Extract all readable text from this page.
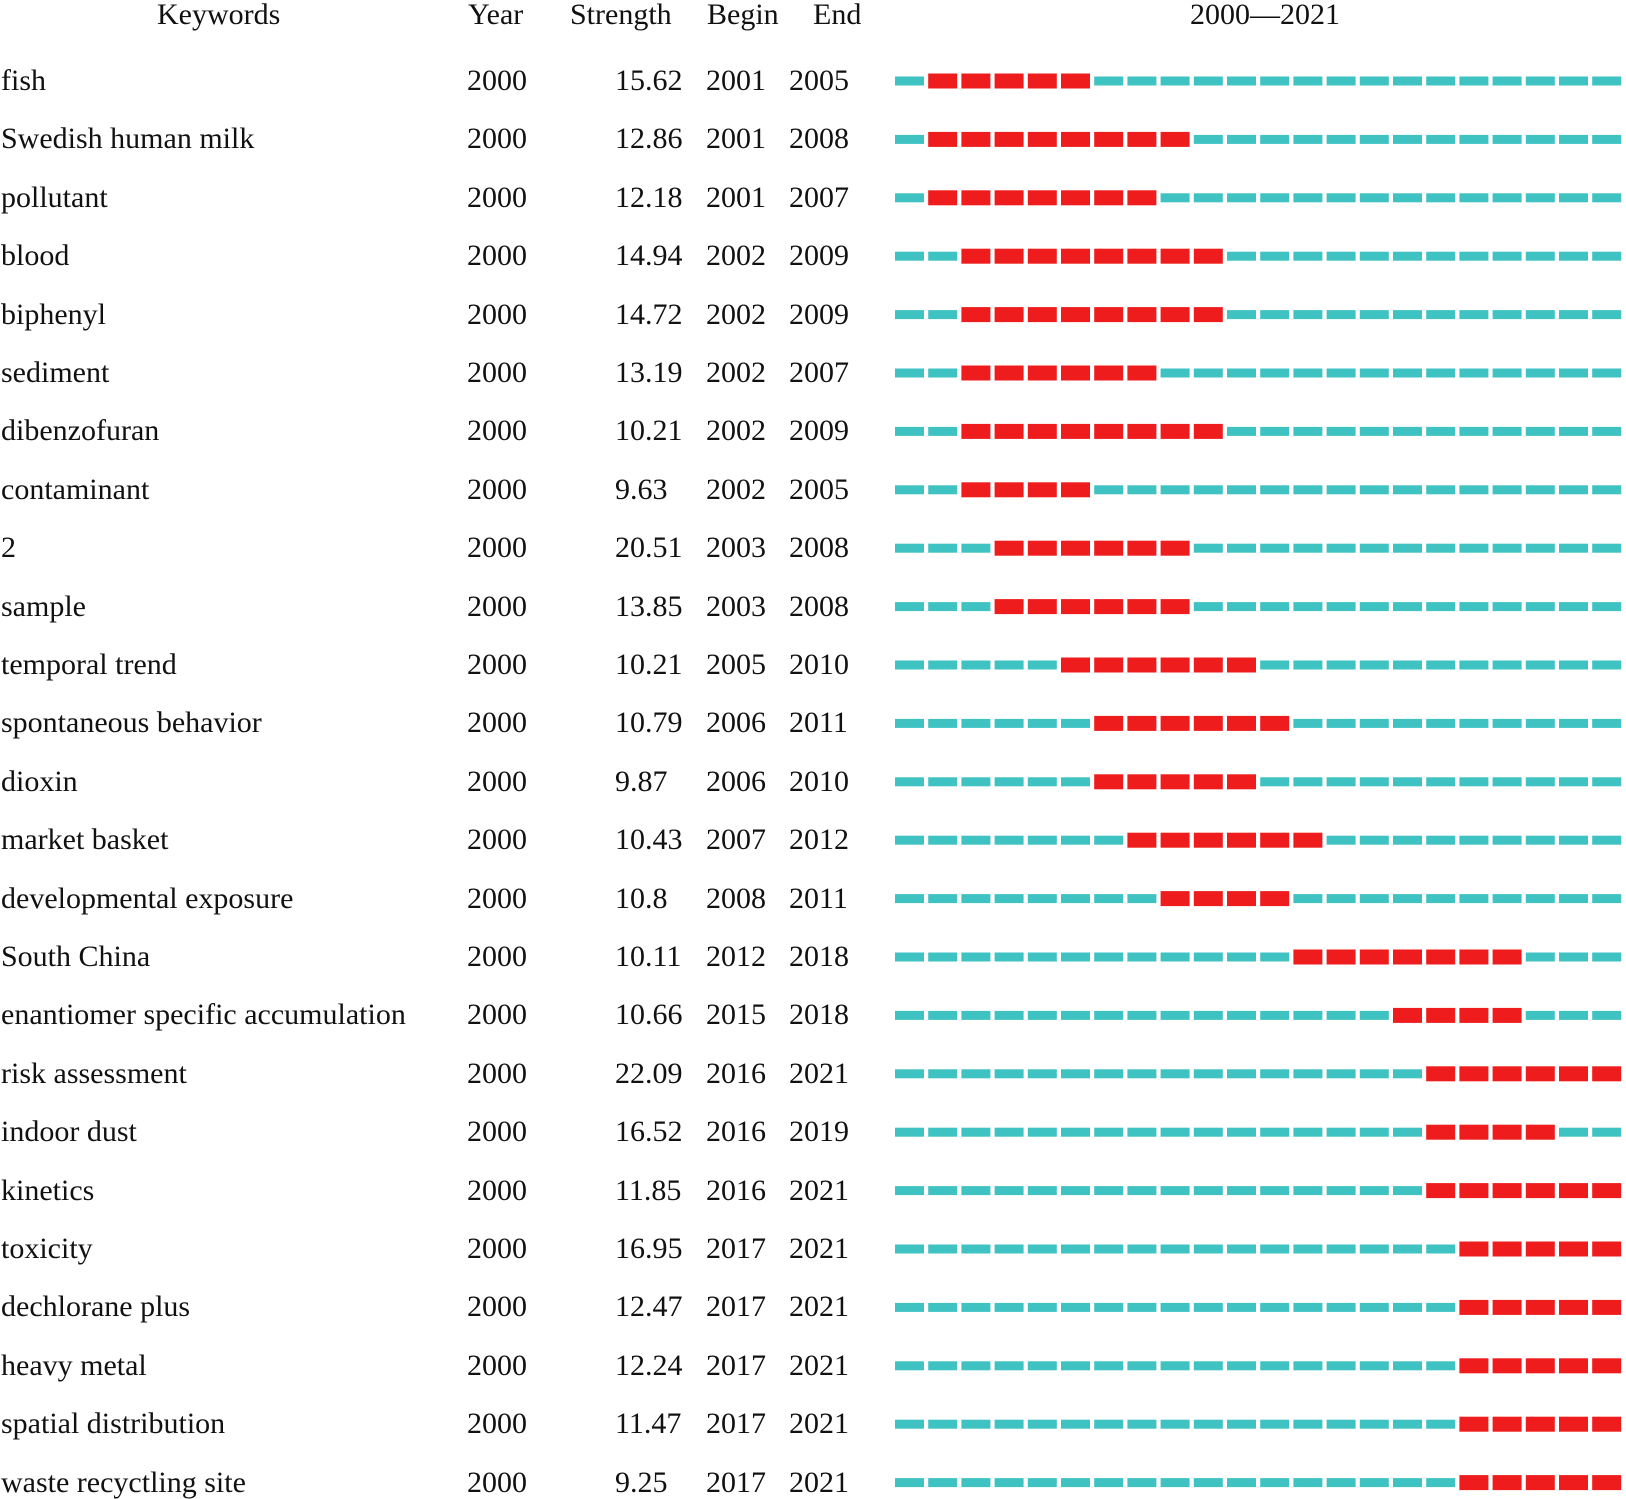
Keywords	Year Strength Begin End	2000—2021
fish	2000	15.62 2001 2005
Swedish human milk	2000	12.86 2001 2008
pollutant	2000	12.18 2001 2007
blood	2000	14.94 2002 2009
biphenyl	2000	14.72 2002 2009
sediment	2000	13.19 2002 2007
dibenzofuran	2000	10.21 2002 2009
contaminant	2000	9.63 2002 2005
2	2000	20.51 2003 2008
sample	2000	13.85 2003 2008
temporal trend	2000	10.21 2005 2010
spontaneous behavior	2000	10.79 2006 2011
dioxin	2000	9.87 2006 2010
market basket	2000	10.43 2007 2012
developmental exposure	2000	10.8 2008 2011
South China	2000	10.11 2012 2018
enantiomer specific accumulation 2000	10.66 2015 2018
risk assessment	2000	22.09 2016 2021
indoor dust	2000	16.52 2016 2019
kinetics	2000	11.85 2016 2021
toxicity	2000	16.95 2017 2021
dechlorane plus	2000	12.47 2017 2021
heavy metal	2000	12.24 2017 2021
spatial distribution	2000	11.47 2017 2021
waste recyctling site	2000	9.25 2017 2021
